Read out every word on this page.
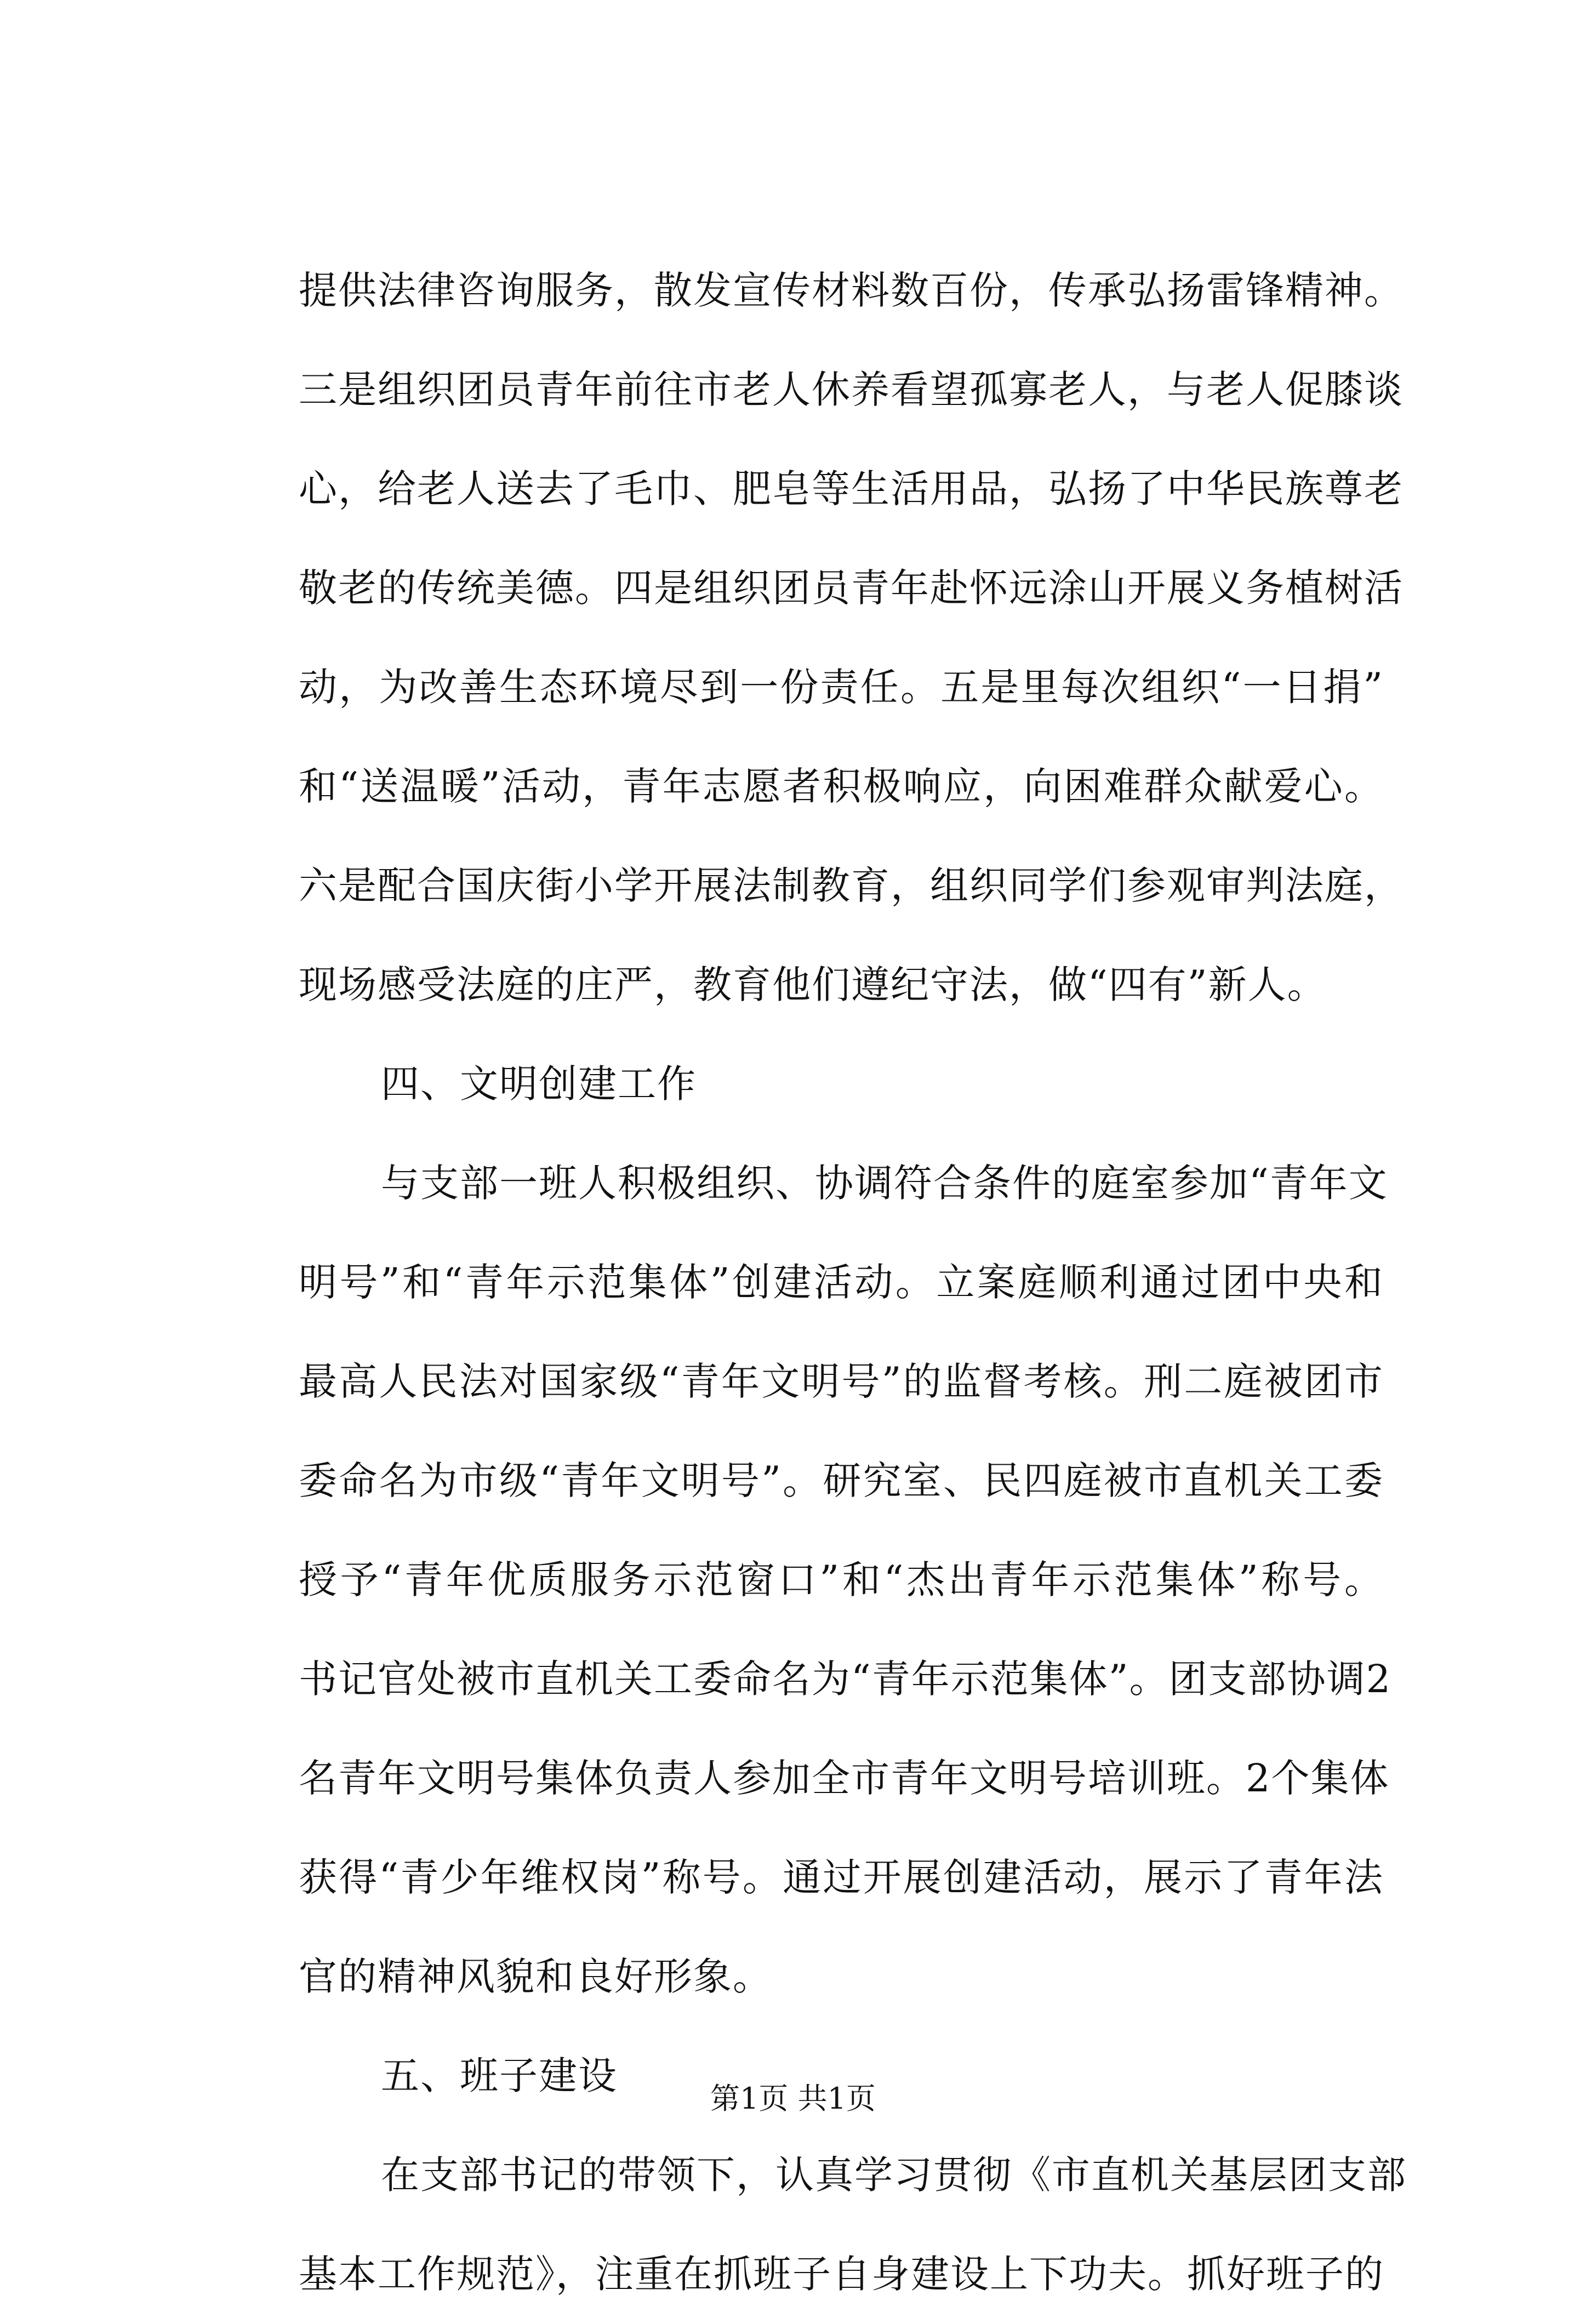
提供法律咨询服务，散发宣传材料数百份，传承弘扬雷锋精神。
三是组织团员青年前往市老人休养看望孤寡老人，与老人促膝谈
心，给老人送去了毛巾、肥皂等生活用品，弘扬了中华民族尊老
敬老的传统美德。四是组织团员青年赴怀远涂山开展义务植树活
动，为改善生态环境尽到一份责任。五是里每次组织“一日捐”
和“送温暖”活动，青年志愿者积极响应，向困难群众献爱心。
六是配合国庆街小学开展法制教育，组织同学们参观审判法庭，
现场感受法庭的庄严，教育他们遵纪守法，做“四有”新人。
四、文明创建工作
与支部一班人积极组织、协调符合条件的庭室参加“青年文
明号”和“青年示范集体”创建活动。立案庭顺利通过团中央和
最高人民法对国家级“青年文明号”的监督考核。刑二庭被团市
委命名为市级“青年文明号”。研究室、民四庭被市直机关工委
授予“青年优质服务示范窗口”和“杰出青年示范集体”称号。
书记官处被市直机关工委命名为“青年示范集体”。团支部协调2
名青年文明号集体负责人参加全市青年文明号培训班。2个集体
获得“青少年维权岗”称号。通过开展创建活动，展示了青年法
官的精神风貌和良好形象。
五、班子建设
在支部书记的带领下，认真学习贯彻《市直机关基层团支部
基本工作规范》，注重在抓班子自身建设上下功夫。抓好班子的
第1页 共1页
